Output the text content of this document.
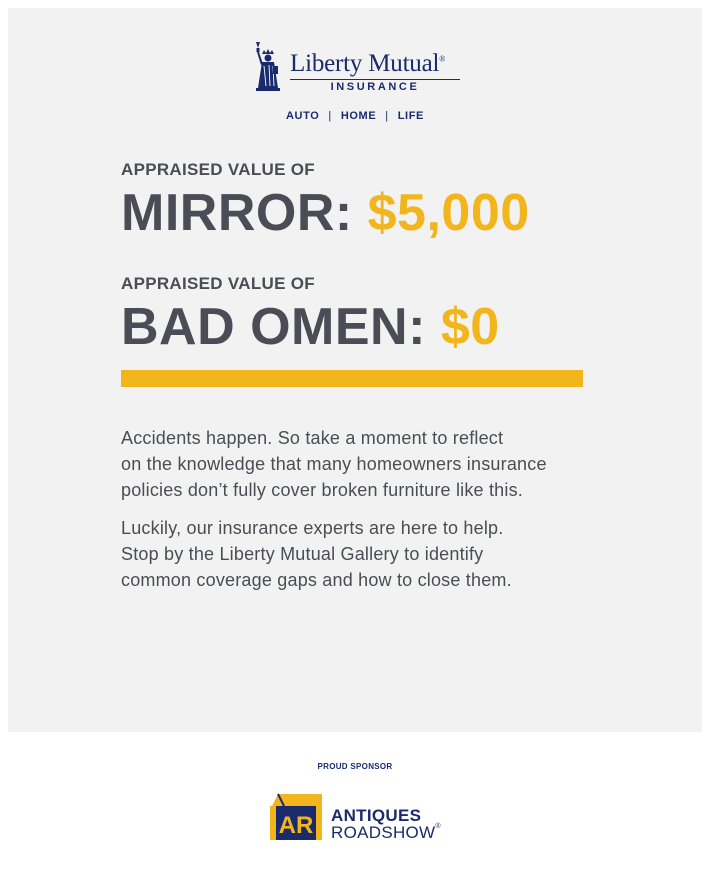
Liberty Mutual®
INSURANCE
AUTO | HOME | LIFE
APPRAISED VALUE OF
MIRROR: $5,000
APPRAISED VALUE OF
BAD OMEN: $0
Accidents happen. So take a moment to reflect
on the knowledge that many homeowners insurance
policies don’t fully cover broken furniture like this.
Luckily, our insurance experts are here to help.
Stop by the Liberty Mutual Gallery to identify
common coverage gaps and how to close them.
PROUD SPONSOR
AR ANTIQUES
ROADSHOW®
